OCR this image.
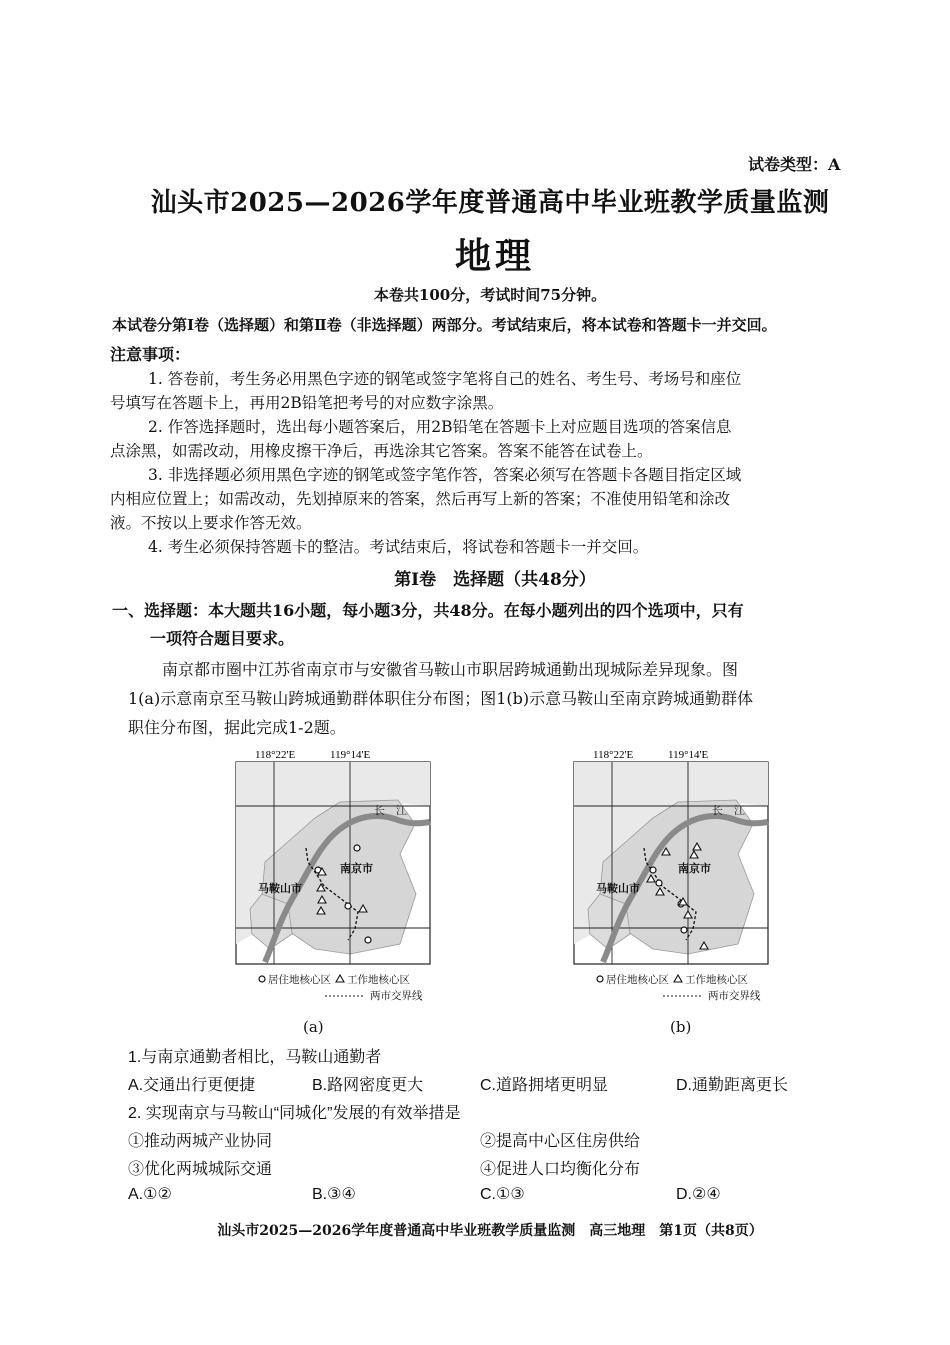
试卷类型：A
汕头市2025—2026学年度普通高中毕业班教学质量监测
地理
本卷共100分，考试时间75分钟。
本试卷分第Ⅰ卷（选择题）和第Ⅱ卷（非选择题）两部分。考试结束后，将本试卷和答题卡一并交回。
注意事项：
1. 答卷前，考生务必用黑色字迹的钢笔或签字笔将自己的姓名、考生号、考场号和座位
号填写在答题卡上，再用2B铅笔把考号的对应数字涂黑。
2. 作答选择题时，选出每小题答案后，用2B铅笔在答题卡上对应题目选项的答案信息
点涂黑，如需改动，用橡皮擦干净后，再选涂其它答案。答案不能答在试卷上。
3. 非选择题必须用黑色字迹的钢笔或签字笔作答，答案必须写在答题卡各题目指定区域
内相应位置上；如需改动，先划掉原来的答案，然后再写上新的答案；不准使用铅笔和涂改
液。不按以上要求作答无效。
4. 考生必须保持答题卡的整洁。考试结束后，将试卷和答题卡一并交回。
第Ⅰ卷　选择题（共48分）
一、选择题：本大题共16小题，每小题3分，共48分。在每小题列出的四个选项中，只有
一项符合题目要求。
南京都市圈中江苏省南京市与安徽省马鞍山市职居跨城通勤出现城际差异现象。图
1(a)示意南京至马鞍山跨城通勤群体职住分布图；图1(b)示意马鞍山至南京跨城通勤群体
职住分布图，据此完成1-2题。
118°22'E	119°14'E
长　江
南京市
马鞍山市
居住地核心区 工作地核心区
两市交界线
(a)
118°22'E	119°14'E
长　江
南京市
马鞍山市
居住地核心区 工作地核心区
两市交界线
(b)
1.与南京通勤者相比，马鞍山通勤者
A.交通出行更便捷	B.路网密度更大	C.道路拥堵更明显	D.通勤距离更长
2. 实现南京与马鞍山“同城化”发展的有效举措是
①推动两城产业协同	②提高中心区住房供给
③优化两城城际交通	④促进人口均衡化分布
A.①②	B.③④	C.①③	D.②④
汕头市2025—2026学年度普通高中毕业班教学质量监测　高三地理　第1页（共8页）
